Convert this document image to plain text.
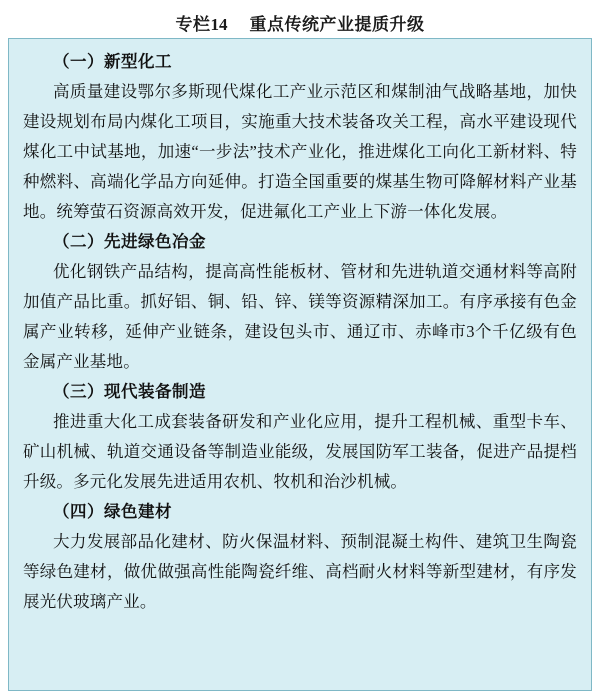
专栏14 重点传统产业提质升级

（一）新型化工

高质量建设鄂尔多斯现代煤化工产业示范区和煤制油气战略基地，加快建设规划布局内煤化工项目，实施重大技术装备攻关工程，高水平建设现代煤化工中试基地，加速“一步法”技术产业化，推进煤化工向化工新材料、特种燃料、高端化学品方向延伸。打造全国重要的煤基生物可降解材料产业基地。统筹萤石资源高效开发，促进氟化工产业上下游一体化发展。

（二）先进绿色冶金

优化钢铁产品结构，提高高性能板材、管材和先进轨道交通材料等高附加值产品比重。抓好铝、铜、铅、锌、镁等资源精深加工。有序承接有色金属产业转移，延伸产业链条，建设包头市、通辽市、赤峰市3个千亿级有色金属产业基地。

（三）现代装备制造

推进重大化工成套装备研发和产业化应用，提升工程机械、重型卡车、矿山机械、轨道交通设备等制造业能级，发展国防军工装备，促进产品提档升级。多元化发展先进适用农机、牧机和治沙机械。

（四）绿色建材

大力发展部品化建材、防火保温材料、预制混凝土构件、建筑卫生陶瓷等绿色建材，做优做强高性能陶瓷纤维、高档耐火材料等新型建材，有序发展光伏玻璃产业。
